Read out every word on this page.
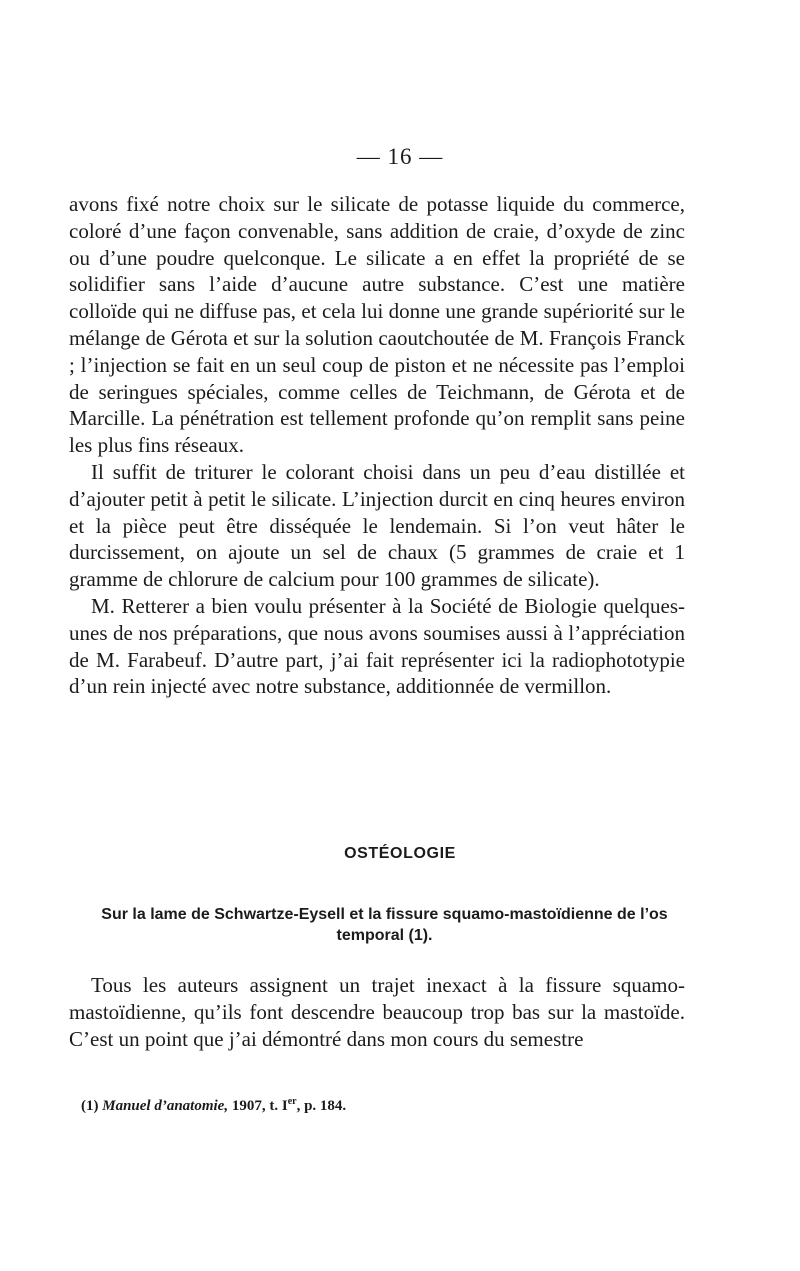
— 16 —

avons fixé notre choix sur le silicate de potasse liquide du commerce, coloré d’une façon convenable, sans addition de craie, d’oxyde de zinc ou d’une poudre quelconque. Le silicate a en effet la propriété de se solidifier sans l’aide d’aucune autre substance. C’est une matière colloïde qui ne diffuse pas, et cela lui donne une grande supériorité sur le mélange de Gérota et sur la solution caoutchoutée de M. François Franck ; l’injection se fait en un seul coup de piston et ne nécessite pas l’emploi de seringues spéciales, comme celles de Teichmann, de Gérota et de Marcille. La pénétration est tellement profonde qu’on remplit sans peine les plus fins réseaux.

Il suffit de triturer le colorant choisi dans un peu d’eau distillée et d’ajouter petit à petit le silicate. L’injection durcit en cinq heures environ et la pièce peut être disséquée le lendemain. Si l’on veut hâter le durcissement, on ajoute un sel de chaux (5 grammes de craie et 1 gramme de chlorure de calcium pour 100 grammes de silicate).

M. Retterer a bien voulu présenter à la Société de Biologie quelques-unes de nos préparations, que nous avons soumises aussi à l’appréciation de M. Farabeuf. D’autre part, j’ai fait représenter ici la radiophototypie d’un rein injecté avec notre substance, additionnée de vermillon.

OSTÉOLOGIE
Sur la lame de Schwartze-Eysell et la fissure squamo-mastoïdienne de l’os temporal (1).

Tous les auteurs assignent un trajet inexact à la fissure squamo-mastoïdienne, qu’ils font descendre beaucoup trop bas sur la mastoïde. C’est un point que j’ai démontré dans mon cours du semestre

(1) Manuel d’anatomie, 1907, t. Ier, p. 184.
